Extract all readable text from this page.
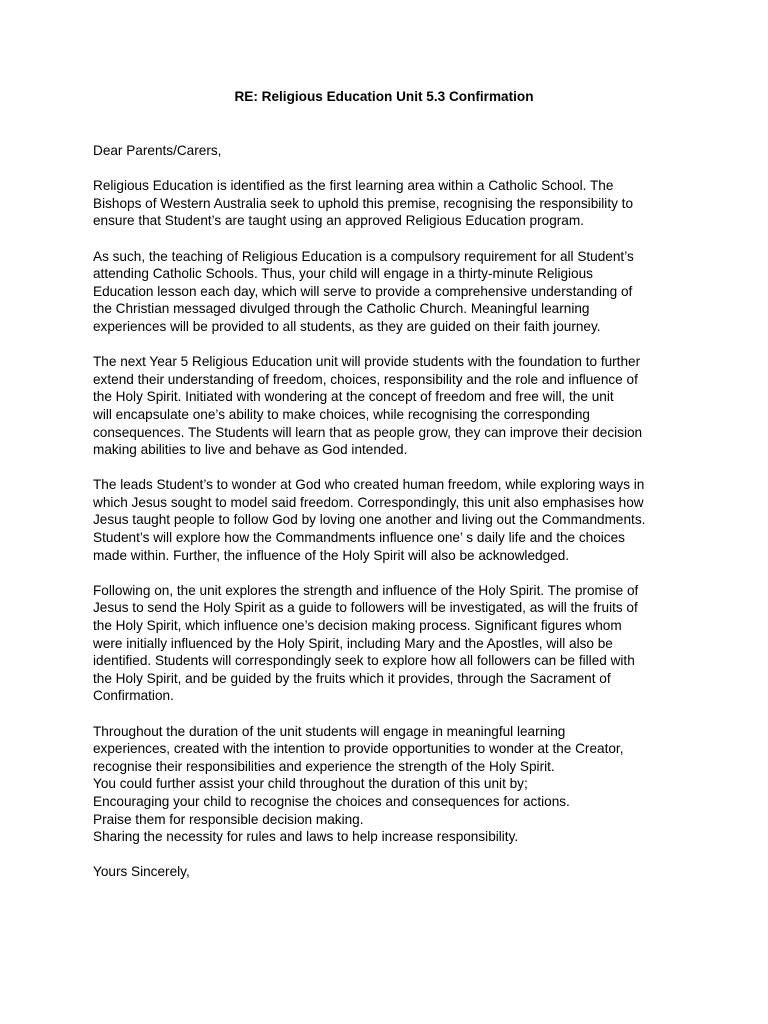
RE: Religious Education Unit 5.3 Confirmation

Dear Parents/Carers,

Religious Education is identified as the first learning area within a Catholic School. The
Bishops of Western Australia seek to uphold this premise, recognising the responsibility to
ensure that Student’s are taught using an approved Religious Education program.

As such, the teaching of Religious Education is a compulsory requirement for all Student’s
attending Catholic Schools. Thus, your child will engage in a thirty-minute Religious
Education lesson each day, which will serve to provide a comprehensive understanding of
the Christian messaged divulged through the Catholic Church. Meaningful learning
experiences will be provided to all students, as they are guided on their faith journey.

The next Year 5 Religious Education unit will provide students with the foundation to further
extend their understanding of freedom, choices, responsibility and the role and influence of
the Holy Spirit. Initiated with wondering at the concept of freedom and free will, the unit
will encapsulate one’s ability to make choices, while recognising the corresponding
consequences. The Students will learn that as people grow, they can improve their decision
making abilities to live and behave as God intended.

The leads Student’s to wonder at God who created human freedom, while exploring ways in
which Jesus sought to model said freedom. Correspondingly, this unit also emphasises how
Jesus taught people to follow God by loving one another and living out the Commandments.
Student’s will explore how the Commandments influence one’ s daily life and the choices
made within. Further, the influence of the Holy Spirit will also be acknowledged.

Following on, the unit explores the strength and influence of the Holy Spirit. The promise of
Jesus to send the Holy Spirit as a guide to followers will be investigated, as will the fruits of
the Holy Spirit, which influence one’s decision making process. Significant figures whom
were initially influenced by the Holy Spirit, including Mary and the Apostles, will also be
identified. Students will correspondingly seek to explore how all followers can be filled with
the Holy Spirit, and be guided by the fruits which it provides, through the Sacrament of
Confirmation.

Throughout the duration of the unit students will engage in meaningful learning
experiences, created with the intention to provide opportunities to wonder at the Creator,
recognise their responsibilities and experience the strength of the Holy Spirit.
You could further assist your child throughout the duration of this unit by;
Encouraging your child to recognise the choices and consequences for actions.
Praise them for responsible decision making.
Sharing the necessity for rules and laws to help increase responsibility.

Yours Sincerely,
